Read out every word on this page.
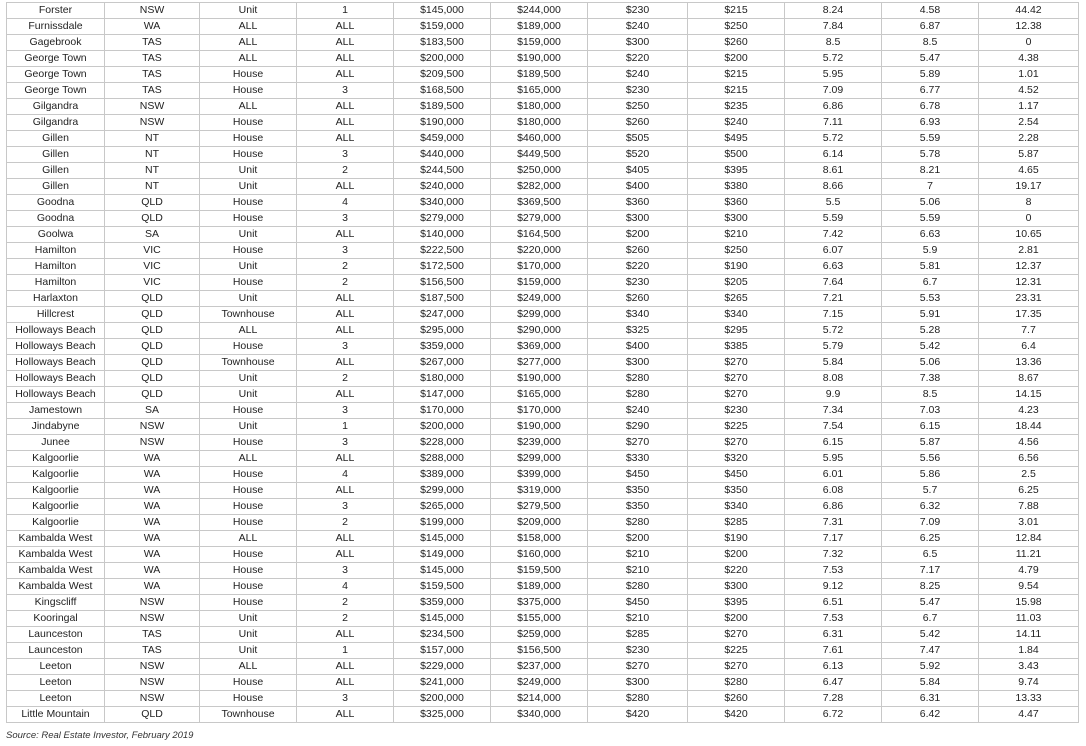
Forster	NSW	Unit	1	$145,000	$244,000	$230	$215	8.24	4.58	44.42
Furnissdale	WA	ALL	ALL	$159,000	$189,000	$240	$250	7.84	6.87	12.38
Gagebrook	TAS	ALL	ALL	$183,500	$159,000	$300	$260	8.5	8.5	0
George Town	TAS	ALL	ALL	$200,000	$190,000	$220	$200	5.72	5.47	4.38
George Town	TAS	House	ALL	$209,500	$189,500	$240	$215	5.95	5.89	1.01
George Town	TAS	House	3	$168,500	$165,000	$230	$215	7.09	6.77	4.52
Gilgandra	NSW	ALL	ALL	$189,500	$180,000	$250	$235	6.86	6.78	1.17
Gilgandra	NSW	House	ALL	$190,000	$180,000	$260	$240	7.11	6.93	2.54
Gillen	NT	House	ALL	$459,000	$460,000	$505	$495	5.72	5.59	2.28
Gillen	NT	House	3	$440,000	$449,500	$520	$500	6.14	5.78	5.87
Gillen	NT	Unit	2	$244,500	$250,000	$405	$395	8.61	8.21	4.65
Gillen	NT	Unit	ALL	$240,000	$282,000	$400	$380	8.66	7	19.17
Goodna	QLD	House	4	$340,000	$369,500	$360	$360	5.5	5.06	8
Goodna	QLD	House	3	$279,000	$279,000	$300	$300	5.59	5.59	0
Goolwa	SA	Unit	ALL	$140,000	$164,500	$200	$210	7.42	6.63	10.65
Hamilton	VIC	House	3	$222,500	$220,000	$260	$250	6.07	5.9	2.81
Hamilton	VIC	Unit	2	$172,500	$170,000	$220	$190	6.63	5.81	12.37
Hamilton	VIC	House	2	$156,500	$159,000	$230	$205	7.64	6.7	12.31
Harlaxton	QLD	Unit	ALL	$187,500	$249,000	$260	$265	7.21	5.53	23.31
Hillcrest	QLD	Townhouse	ALL	$247,000	$299,000	$340	$340	7.15	5.91	17.35
Holloways Beach	QLD	ALL	ALL	$295,000	$290,000	$325	$295	5.72	5.28	7.7
Holloways Beach	QLD	House	3	$359,000	$369,000	$400	$385	5.79	5.42	6.4
Holloways Beach	QLD	Townhouse	ALL	$267,000	$277,000	$300	$270	5.84	5.06	13.36
Holloways Beach	QLD	Unit	2	$180,000	$190,000	$280	$270	8.08	7.38	8.67
Holloways Beach	QLD	Unit	ALL	$147,000	$165,000	$280	$270	9.9	8.5	14.15
Jamestown	SA	House	3	$170,000	$170,000	$240	$230	7.34	7.03	4.23
Jindabyne	NSW	Unit	1	$200,000	$190,000	$290	$225	7.54	6.15	18.44
Junee	NSW	House	3	$228,000	$239,000	$270	$270	6.15	5.87	4.56
Kalgoorlie	WA	ALL	ALL	$288,000	$299,000	$330	$320	5.95	5.56	6.56
Kalgoorlie	WA	House	4	$389,000	$399,000	$450	$450	6.01	5.86	2.5
Kalgoorlie	WA	House	ALL	$299,000	$319,000	$350	$350	6.08	5.7	6.25
Kalgoorlie	WA	House	3	$265,000	$279,500	$350	$340	6.86	6.32	7.88
Kalgoorlie	WA	House	2	$199,000	$209,000	$280	$285	7.31	7.09	3.01
Kambalda West	WA	ALL	ALL	$145,000	$158,000	$200	$190	7.17	6.25	12.84
Kambalda West	WA	House	ALL	$149,000	$160,000	$210	$200	7.32	6.5	11.21
Kambalda West	WA	House	3	$145,000	$159,500	$210	$220	7.53	7.17	4.79
Kambalda West	WA	House	4	$159,500	$189,000	$280	$300	9.12	8.25	9.54
Kingscliff	NSW	House	2	$359,000	$375,000	$450	$395	6.51	5.47	15.98
Kooringal	NSW	Unit	2	$145,000	$155,000	$210	$200	7.53	6.7	11.03
Launceston	TAS	Unit	ALL	$234,500	$259,000	$285	$270	6.31	5.42	14.11
Launceston	TAS	Unit	1	$157,000	$156,500	$230	$225	7.61	7.47	1.84
Leeton	NSW	ALL	ALL	$229,000	$237,000	$270	$270	6.13	5.92	3.43
Leeton	NSW	House	ALL	$241,000	$249,000	$300	$280	6.47	5.84	9.74
Leeton	NSW	House	3	$200,000	$214,000	$280	$260	7.28	6.31	13.33
Little Mountain	QLD	Townhouse	ALL	$325,000	$340,000	$420	$420	6.72	6.42	4.47
Source: Real Estate Investor, February 2019
